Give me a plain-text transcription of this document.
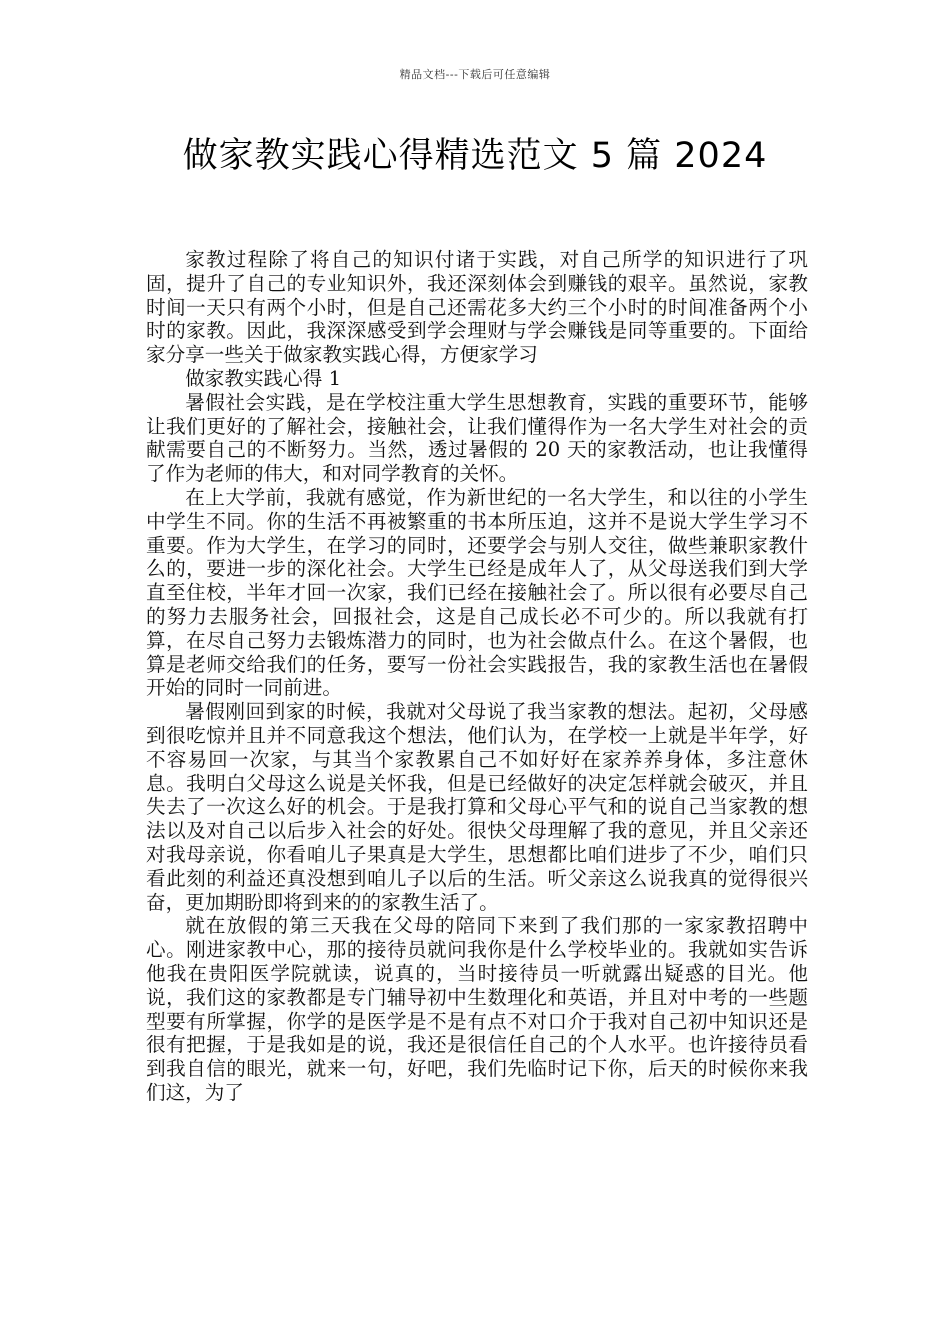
精品文档---下载后可任意编辑
做家教实践心得精选范文 5 篇 2024

家教过程除了将自己的知识付诸于实践，对自己所学的知识进行了巩固，提升了自己的专业知识外，我还深刻体会到赚钱的艰辛。虽然说，家教时间一天只有两个小时，但是自己还需花多大约三个小时的时间准备两个小时的家教。因此，我深深感受到学会理财与学会赚钱是同等重要的。下面给家分享一些关于做家教实践心得，方便家学习

做家教实践心得 1

暑假社会实践，是在学校注重大学生思想教育，实践的重要环节，能够让我们更好的了解社会，接触社会，让我们懂得作为一名大学生对社会的贡献需要自己的不断努力。当然，透过暑假的 20 天的家教活动，也让我懂得了作为老师的伟大，和对同学教育的关怀。

在上大学前，我就有感觉，作为新世纪的一名大学生，和以往的小学生中学生不同。你的生活不再被繁重的书本所压迫，这并不是说大学生学习不重要。作为大学生，在学习的同时，还要学会与别人交往，做些兼职家教什么的，要进一步的深化社会。大学生已经是成年人了，从父母送我们到大学直至住校，半年才回一次家，我们已经在接触社会了。所以很有必要尽自己的努力去服务社会，回报社会，这是自己成长必不可少的。所以我就有打算，在尽自己努力去锻炼潜力的同时，也为社会做点什么。在这个暑假，也算是老师交给我们的任务，要写一份社会实践报告，我的家教生活也在暑假开始的同时一同前进。

暑假刚回到家的时候，我就对父母说了我当家教的想法。起初，父母感到很吃惊并且并不同意我这个想法，他们认为，在学校一上就是半年学，好不容易回一次家，与其当个家教累自己不如好好在家养养身体，多注意休息。我明白父母这么说是关怀我，但是已经做好的决定怎样就会破灭，并且失去了一次这么好的机会。于是我打算和父母心平气和的说自己当家教的想法以及对自己以后步入社会的好处。很快父母理解了我的意见，并且父亲还对我母亲说，你看咱儿子果真是大学生，思想都比咱们进步了不少，咱们只看此刻的利益还真没想到咱儿子以后的生活。听父亲这么说我真的觉得很兴奋，更加期盼即将到来的的家教生活了。

就在放假的第三天我在父母的陪同下来到了我们那的一家家教招聘中心。刚进家教中心，那的接待员就问我你是什么学校毕业的。我就如实告诉他我在贵阳医学院就读，说真的，当时接待员一听就露出疑惑的目光。他说，我们这的家教都是专门辅导初中生数理化和英语，并且对中考的一些题型要有所掌握，你学的是医学是不是有点不对口介于我对自己初中知识还是很有把握，于是我如是的说，我还是很信任自己的个人水平。也许接待员看到我自信的眼光，就来一句，好吧，我们先临时记下你，后天的时候你来我们这，为了
